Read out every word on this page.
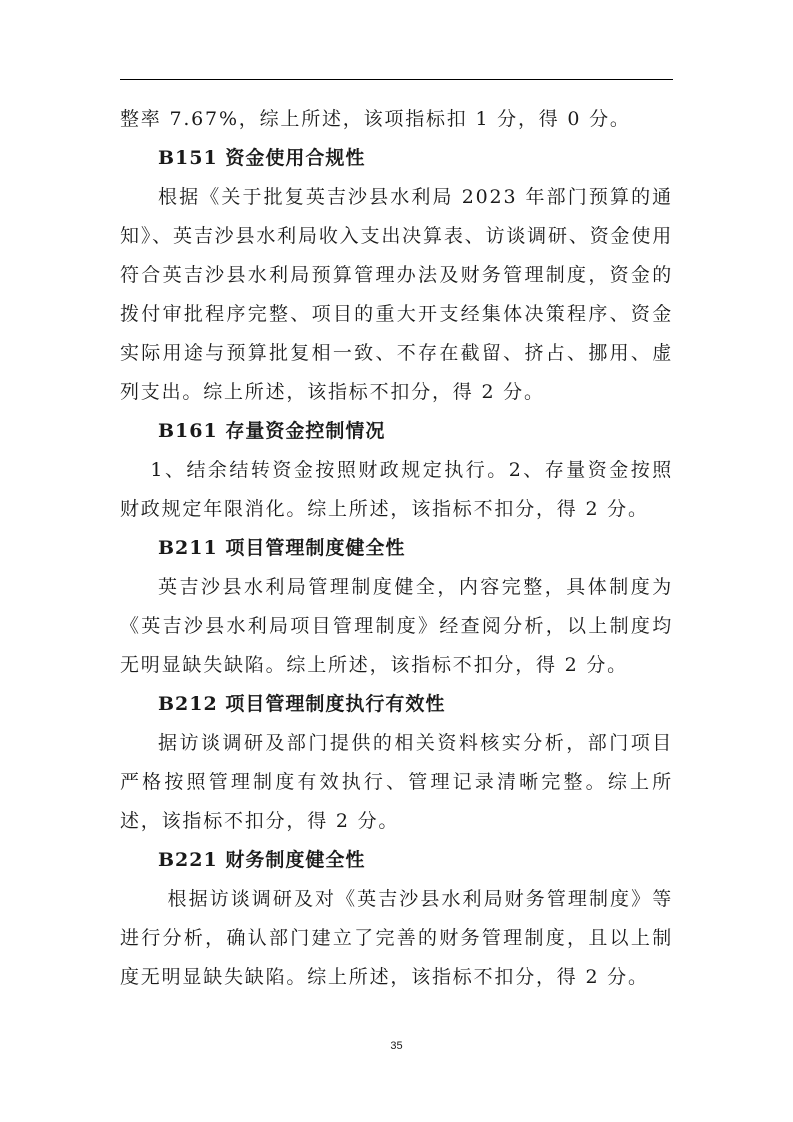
整率 7.67%，综上所述，该项指标扣 1 分，得 0 分。

B151 资金使用合规性

根据《关于批复英吉沙县水利局 2023 年部门预算的通知》、英吉沙县水利局收入支出决算表、访谈调研、资金使用符合英吉沙县水利局预算管理办法及财务管理制度，资金的拨付审批程序完整、项目的重大开支经集体决策程序、资金实际用途与预算批复相一致、不存在截留、挤占、挪用、虚列支出。综上所述，该指标不扣分，得 2 分。

B161 存量资金控制情况

1、结余结转资金按照财政规定执行。2、存量资金按照财政规定年限消化。综上所述，该指标不扣分，得 2 分。

B211 项目管理制度健全性

英吉沙县水利局管理制度健全，内容完整，具体制度为《英吉沙县水利局项目管理制度》经查阅分析，以上制度均无明显缺失缺陷。综上所述，该指标不扣分，得 2 分。

B212 项目管理制度执行有效性

据访谈调研及部门提供的相关资料核实分析，部门项目严格按照管理制度有效执行、管理记录清晰完整。综上所述，该指标不扣分，得 2 分。

B221 财务制度健全性

根据访谈调研及对《英吉沙县水利局财务管理制度》等进行分析，确认部门建立了完善的财务管理制度，且以上制度无明显缺失缺陷。综上所述，该指标不扣分，得 2 分。

35
